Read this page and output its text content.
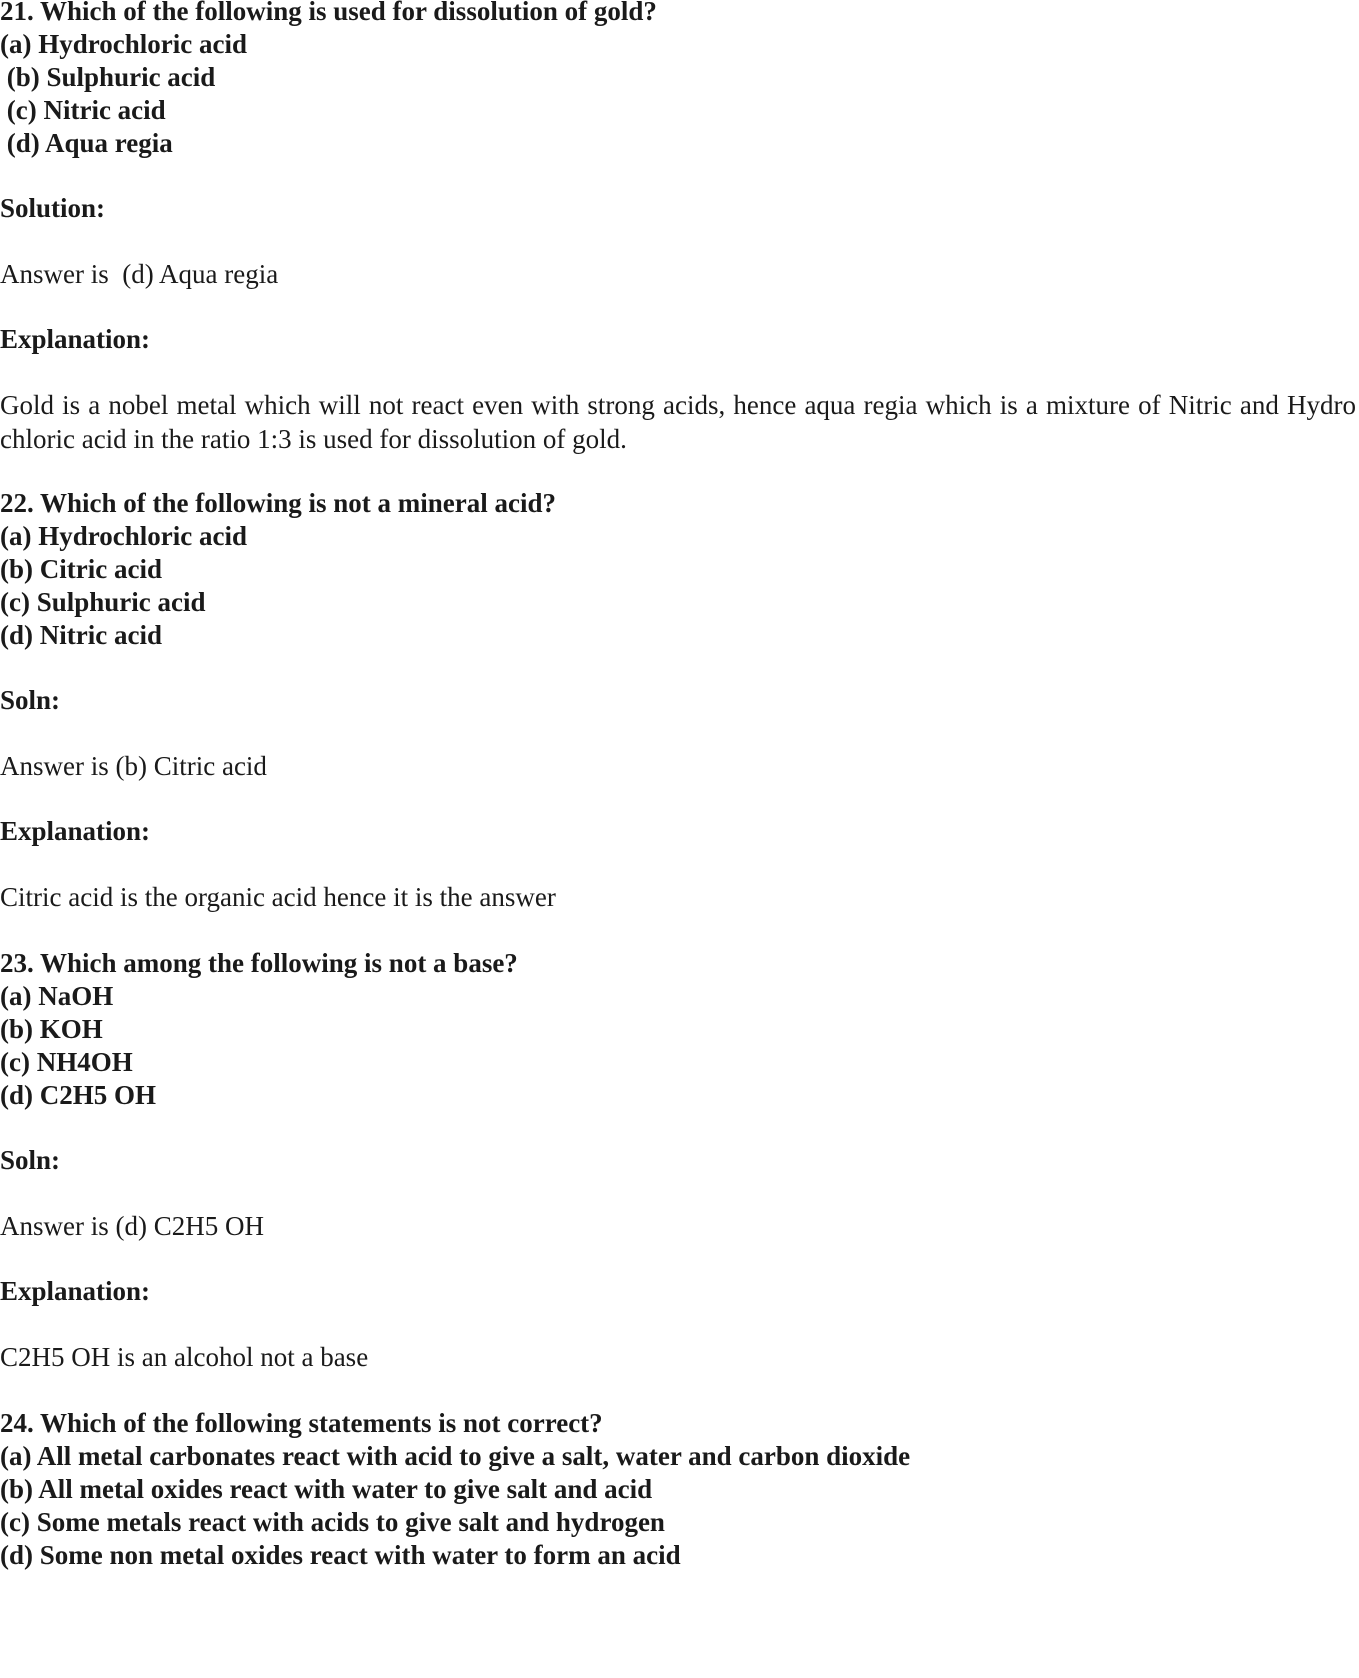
21. Which of the following is used for dissolution of gold?
(a) Hydrochloric acid
(b) Sulphuric acid
(c) Nitric acid
(d) Aqua regia
Solution:
Answer is  (d) Aqua regia
Explanation:
Gold is a nobel metal which will not react even with strong acids, hence aqua regia which is a mixture of Nitric and Hydro chloric acid in the ratio 1:3 is used for dissolution of gold.
22. Which of the following is not a mineral acid?
(a) Hydrochloric acid
(b) Citric acid
(c) Sulphuric acid
(d) Nitric acid
Soln:
Answer is (b) Citric acid
Explanation:
Citric acid is the organic acid hence it is the answer
23. Which among the following is not a base?
(a) NaOH
(b) KOH
(c) NH4OH
(d) C2H5 OH
Soln:
Answer is (d) C2H5 OH
Explanation:
C2H5 OH is an alcohol not a base
24. Which of the following statements is not correct?
(a) All metal carbonates react with acid to give a salt, water and carbon dioxide
(b) All metal oxides react with water to give salt and acid
(c) Some metals react with acids to give salt and hydrogen
(d) Some non metal oxides react with water to form an acid
